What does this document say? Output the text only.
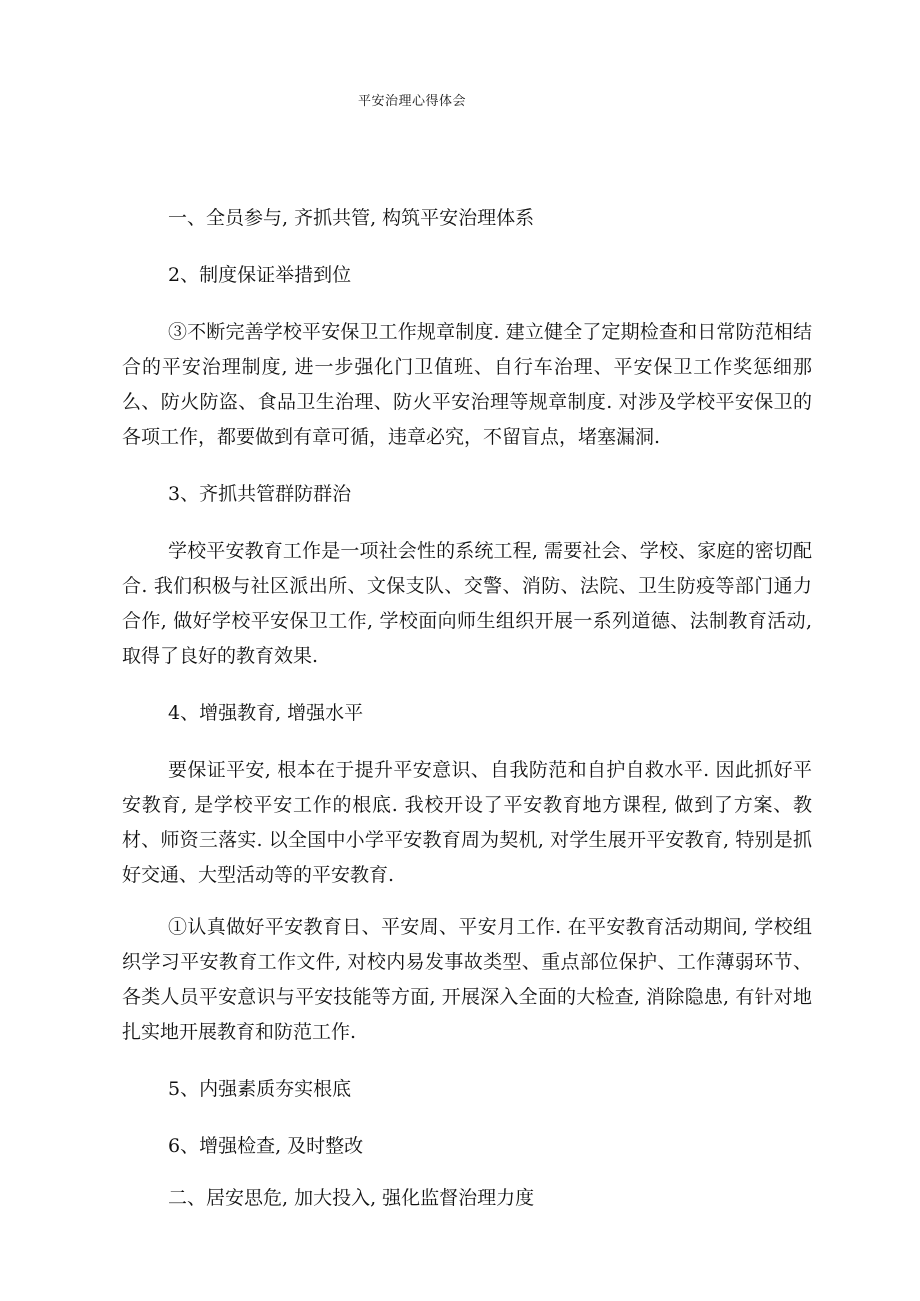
平安治理心得体会

一、全员参与, 齐抓共管, 构筑平安治理体系

2、制度保证举措到位

③不断完善学校平安保卫工作规章制度. 建立健全了定期检查和日常防范相结合的平安治理制度, 进一步强化门卫值班、自行车治理、平安保卫工作奖惩细那么、防火防盗、食品卫生治理、防火平安治理等规章制度. 对涉及学校平安保卫的各项工作，都要做到有章可循，违章必究，不留盲点，堵塞漏洞.

3、齐抓共管群防群治

学校平安教育工作是一项社会性的系统工程, 需要社会、学校、家庭的密切配合. 我们积极与社区派出所、文保支队、交警、消防、法院、卫生防疫等部门通力合作, 做好学校平安保卫工作, 学校面向师生组织开展一系列道德、法制教育活动, 取得了良好的教育效果.

4、增强教育, 增强水平

要保证平安, 根本在于提升平安意识、自我防范和自护自救水平. 因此抓好平安教育, 是学校平安工作的根底. 我校开设了平安教育地方课程, 做到了方案、教材、师资三落实. 以全国中小学平安教育周为契机, 对学生展开平安教育, 特别是抓好交通、大型活动等的平安教育.

①认真做好平安教育日、平安周、平安月工作. 在平安教育活动期间, 学校组织学习平安教育工作文件, 对校内易发事故类型、重点部位保护、工作薄弱环节、各类人员平安意识与平安技能等方面, 开展深入全面的大检查, 消除隐患, 有针对地扎实地开展教育和防范工作.

5、内强素质夯实根底

6、增强检查, 及时整改

二、居安思危, 加大投入, 强化监督治理力度
